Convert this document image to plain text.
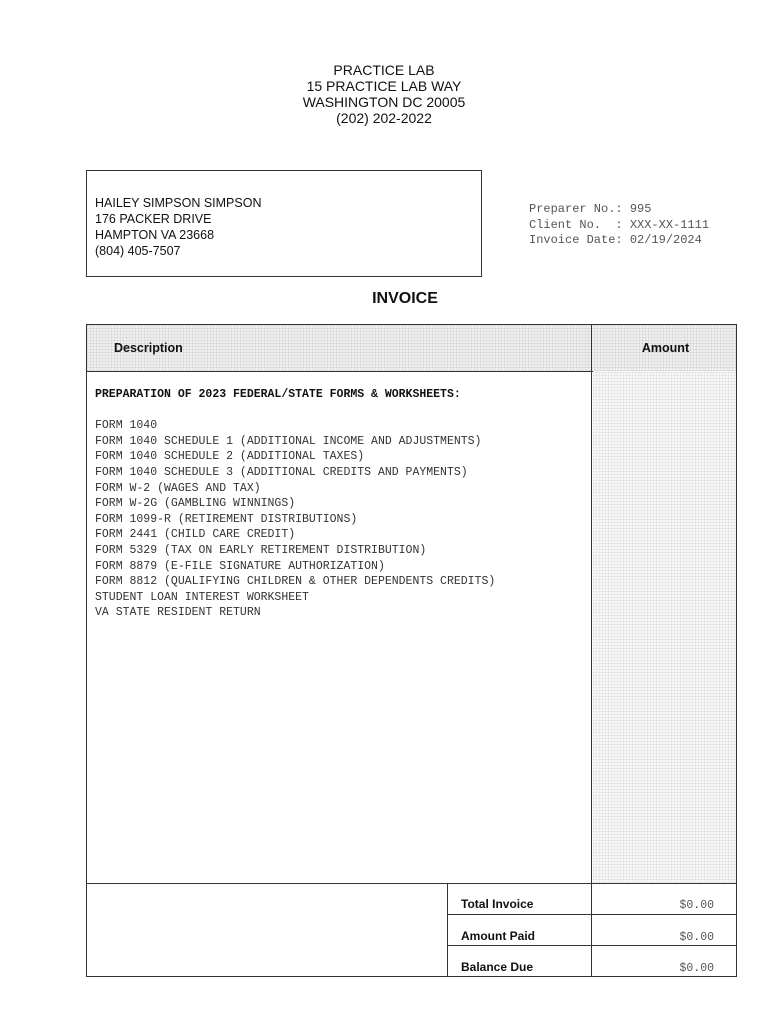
PRACTICE LAB
15 PRACTICE LAB WAY
WASHINGTON DC 20005
(202) 202-2022
HAILEY SIMPSON SIMPSON
176 PACKER DRIVE
HAMPTON VA 23668
(804) 405-7507
Preparer No.: 995
Client No.  : XXX-XX-1111
Invoice Date: 02/19/2024
INVOICE
Description	Amount
PREPARATION OF 2023 FEDERAL/STATE FORMS & WORKSHEETS:
FORM 1040
FORM 1040 SCHEDULE 1 (ADDITIONAL INCOME AND ADJUSTMENTS)
FORM 1040 SCHEDULE 2 (ADDITIONAL TAXES)
FORM 1040 SCHEDULE 3 (ADDITIONAL CREDITS AND PAYMENTS)
FORM W-2 (WAGES AND TAX)
FORM W-2G (GAMBLING WINNINGS)
FORM 1099-R (RETIREMENT DISTRIBUTIONS)
FORM 2441 (CHILD CARE CREDIT)
FORM 5329 (TAX ON EARLY RETIREMENT DISTRIBUTION)
FORM 8879 (E-FILE SIGNATURE AUTHORIZATION)
FORM 8812 (QUALIFYING CHILDREN & OTHER DEPENDENTS CREDITS)
STUDENT LOAN INTEREST WORKSHEET
VA STATE RESIDENT RETURN
Total Invoice	$0.00
Amount Paid	$0.00
Balance Due	$0.00
